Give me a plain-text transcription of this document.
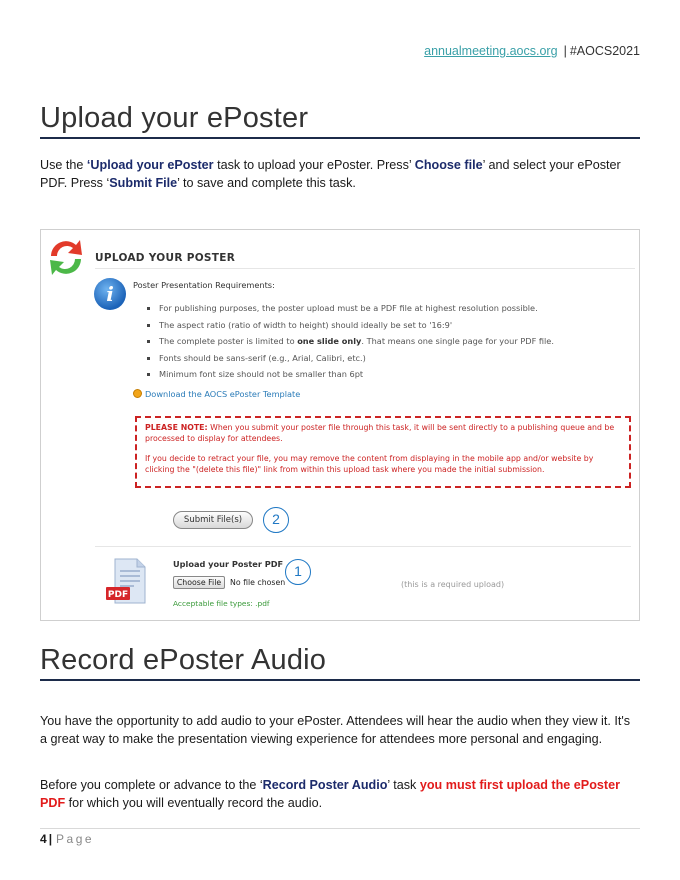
annualmeeting.aocs.org | #AOCS2021
Upload your ePoster
Use the ‘Upload your ePoster task to upload your ePoster. Press’ Choose file’ and select your ePoster PDF. Press ‘Submit File’ to save and complete this task.
UPLOAD YOUR POSTER
i	Poster Presentation Requirements:
For publishing purposes, the poster upload must be a PDF file at highest resolution possible.
The aspect ratio (ratio of width to height) should ideally be set to '16:9'
The complete poster is limited to one slide only. That means one single page for your PDF file.
Fonts should be sans-serif (e.g., Arial, Calibri, etc.)
Minimum font size should not be smaller than 6pt
Download the AOCS ePoster Template
PLEASE NOTE: When you submit your poster file through this task, it will be sent directly to a publishing queue and be processed to display for attendees.
If you decide to retract your file, you may remove the content from displaying in the mobile app and/or website by clicking the "(delete this file)" link from within this upload task where you made the initial submission.
Submit File(s)	2
PDF
Upload your Poster PDF 1
Choose File	No file chosen	(this is a required upload)
Acceptable file types: .pdf
Record ePoster Audio
You have the opportunity to add audio to your ePoster. Attendees will hear the audio when they view it. It's a great way to make the presentation viewing experience for attendees more personal and engaging.
Before you complete or advance to the ‘Record Poster Audio’ task you must first upload the ePoster PDF for which you will eventually record the audio.
4 | Page
